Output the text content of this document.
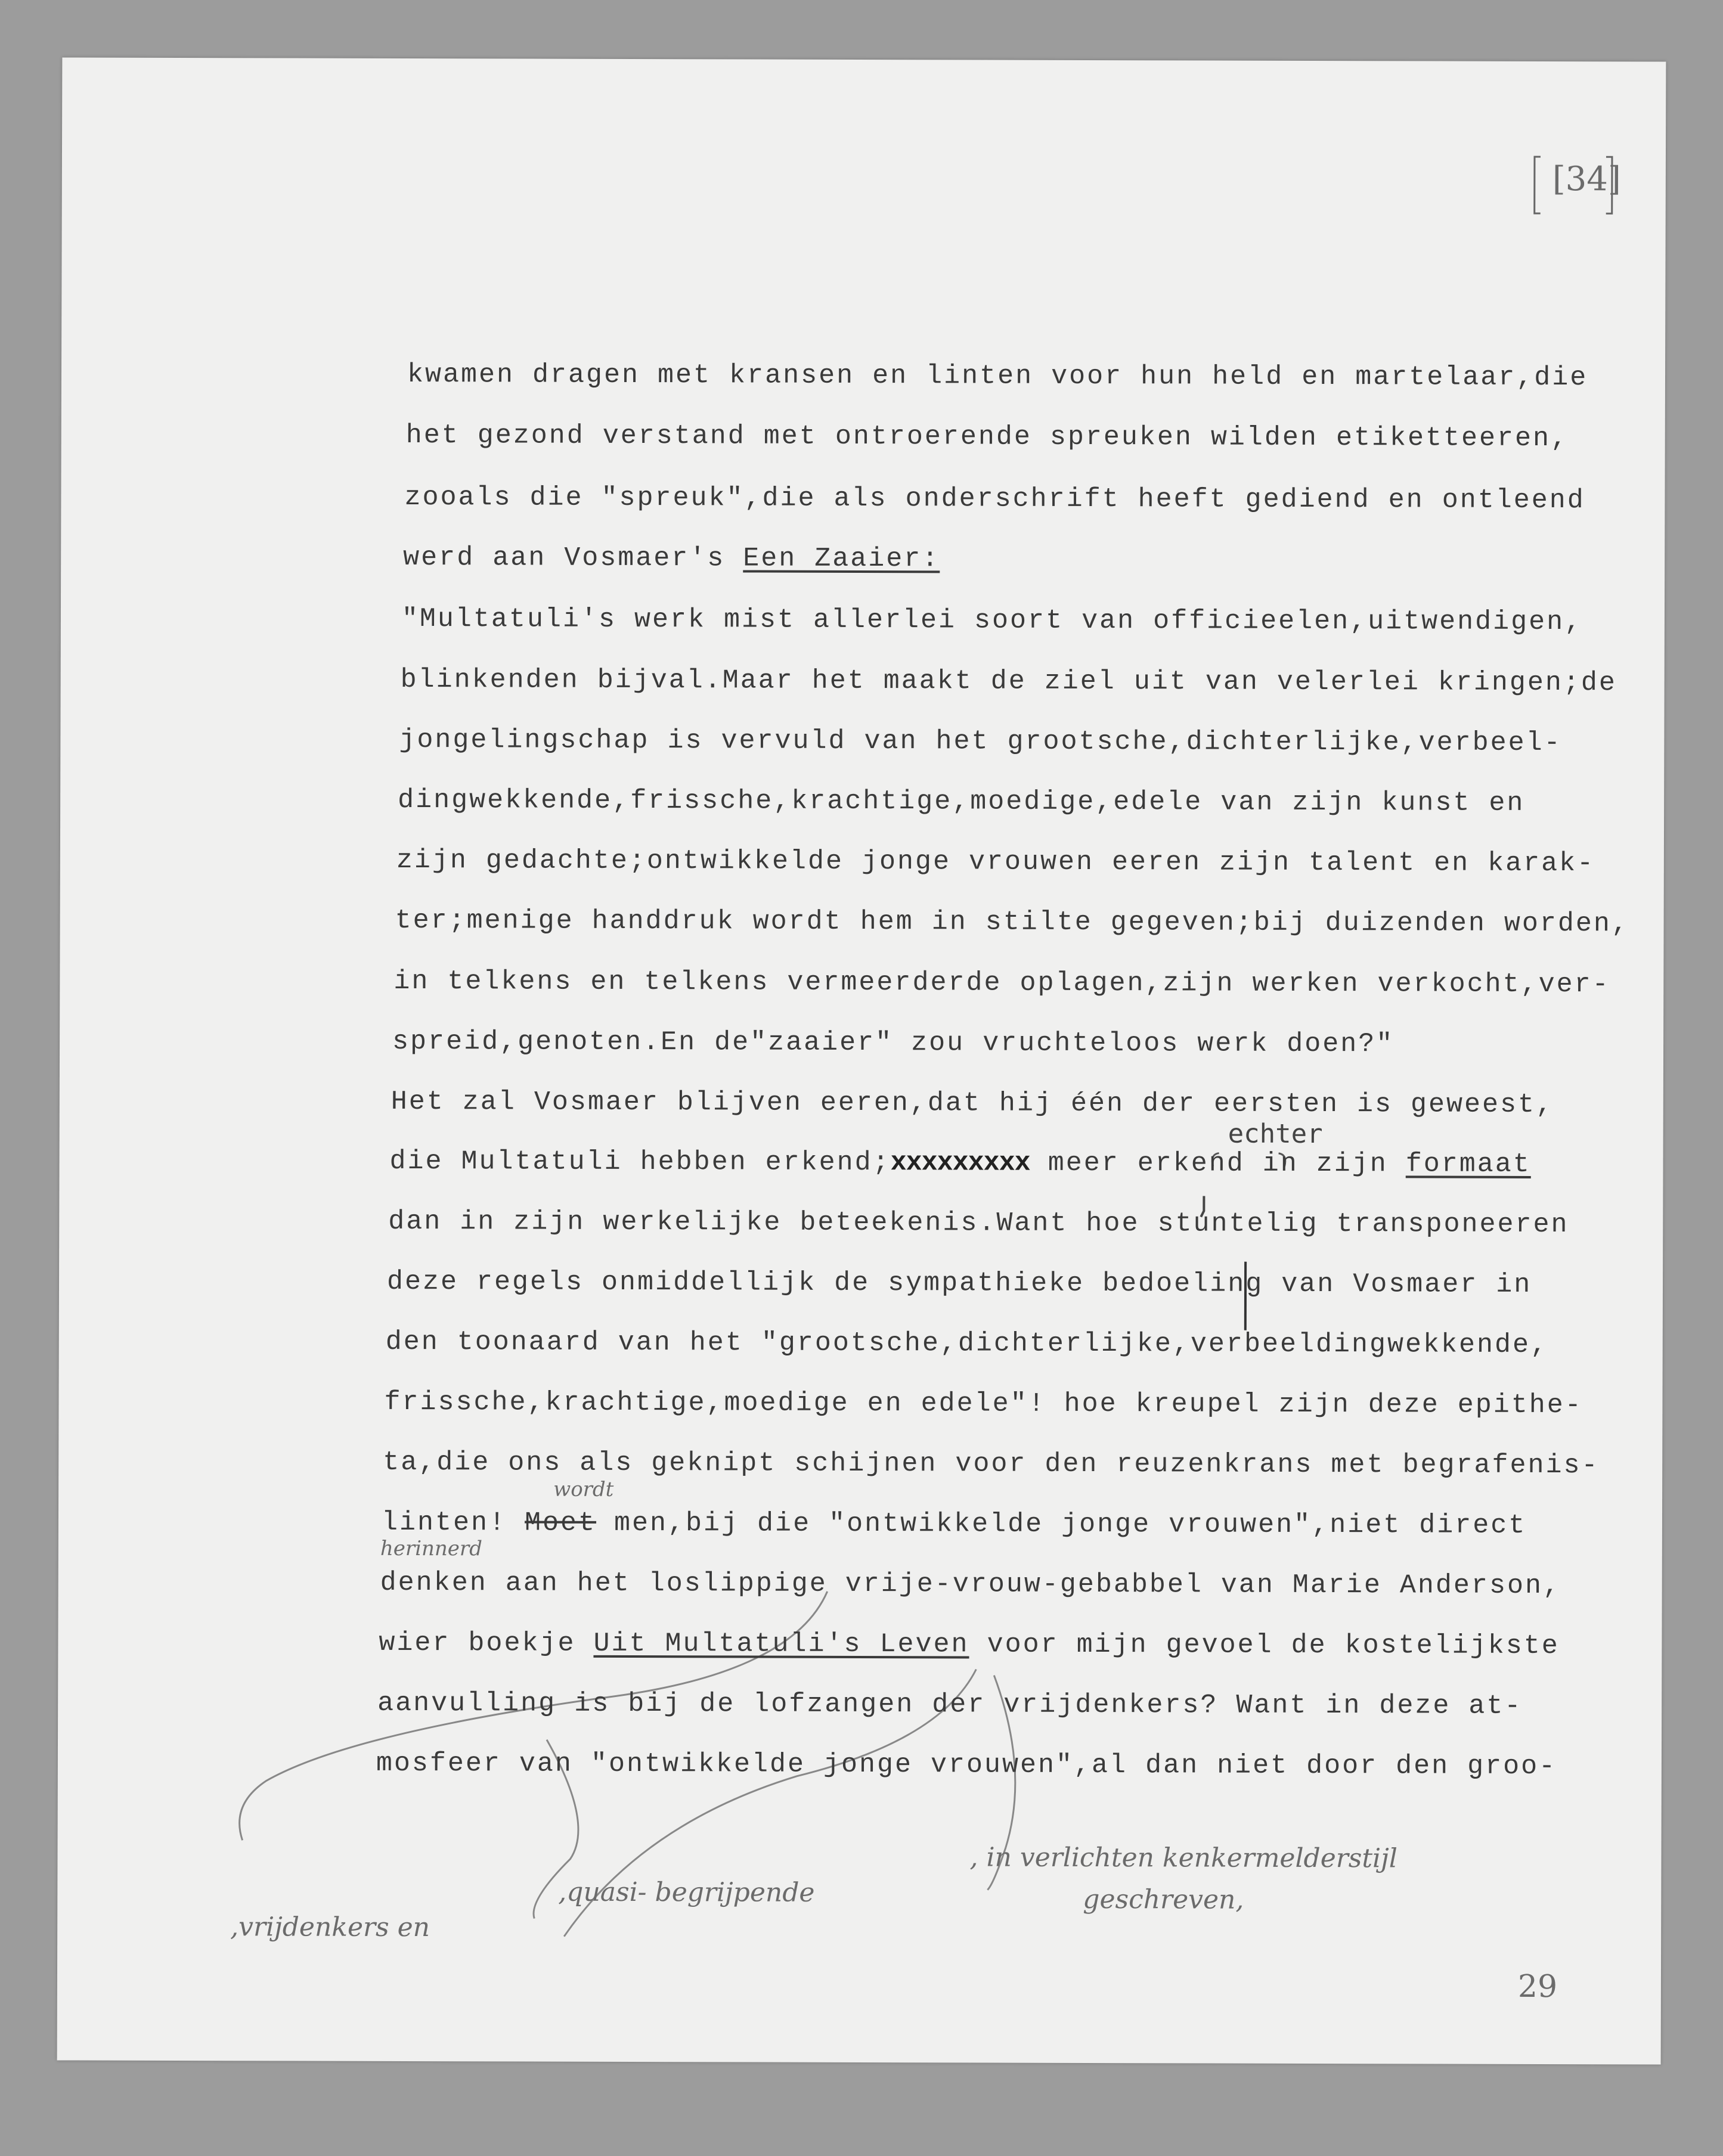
[34]
kwamen dragen met kransen en linten voor hun held en martelaar,die
het gezond verstand met ontroerende spreuken wilden etiketteeren,
zooals die "spreuk",die als onderschrift heeft gediend en ontleend
werd aan Vosmaer's Een Zaaier:
"Multatuli's werk mist allerlei soort van officieelen,uitwendigen,
blinkenden bijval.Maar het maakt de ziel uit van velerlei kringen;de
jongelingschap is vervuld van het grootsche,dichterlijke,verbeel-
dingwekkende,frissche,krachtige,moedige,edele van zijn kunst en
zijn gedachte;ontwikkelde jonge vrouwen eeren zijn talent en karak-
ter;menige handdruk wordt hem in stilte gegeven;bij duizenden worden,
in telkens en telkens vermeerderde oplagen,zijn werken verkocht,ver-
spreid,genoten.En de"zaaier" zou vruchteloos werk doen?"
Het zal Vosmaer blijven eeren,dat hij één der eersten is geweest,
die Multatuli hebben erkend;xxxxxxxxx meer erkend in zijn formaat
dan in zijn werkelijke beteekenis.Want hoe stuntelig transponeeren
deze regels onmiddellijk de sympathieke bedoeling van Vosmaer in
den toonaard van het "grootsche,dichterlijke,verbeeldingwekkende,
frissche,krachtige,moedige en edele"! hoe kreupel zijn deze epithe-
ta,die ons als geknipt schijnen voor den reuzenkrans met begrafenis-
linten! Moet men,bij die "ontwikkelde jonge vrouwen",niet direct
denken aan het loslippige vrije-vrouw-gebabbel van Marie Anderson,
wier boekje Uit Multatuli's Leven voor mijn gevoel de kostelijkste
aanvulling is bij de lofzangen der vrijdenkers? Want in deze at-
mosfeer van "ontwikkelde jonge vrouwen",al dan niet door den groo-
echter
wordt
herinnerd
,vrijdenkers en
,quasi- begrijpende
, in verlichten kenkermelderstijl
geschreven,
29
